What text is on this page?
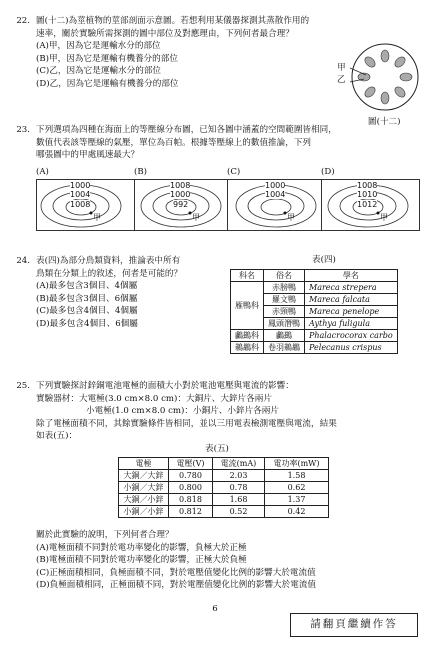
22. 圖(十二)為莖植物的莖部剖面示意圖。若想利用某儀器探測其蒸散作用的
速率，關於實驗所需探測的圖中部位及對應理由，下列何者最合理？
(A)甲，因為它是運輸水分的部位
(B)甲，因為它是運輸有機養分的部位
(C)乙，因為它是運輸水分的部位
(D)乙，因為它是運輸有機養分的部位
甲
乙
圖(十二)
23. 下列選項為四種在海面上的等壓線分布圖，已知各圖中涵蓋的空間範圍皆相同，
數值代表該等壓線的氣壓，單位為百帕。根據等壓線上的數值推論，下列
哪張圖中的甲處風速最大？
(A)	(B)	(C)	(D)
1000
1004
1008
甲
1008
1000
992
甲
1000
1004
甲
1008
1010
1012
甲
24. 表(四)為部分鳥類資料，推論表中所有
鳥類在分類上的敘述，何者是可能的？
(A)最多包含3個目、4個屬
(B)最多包含3個目、6個屬
(C)最多包含4個目、4個屬
(D)最多包含4個目、6個屬
表(四)
科名	俗名	學名
雁鴨科	赤膀鴨	Mareca strepera
	羅文鴨	Mareca falcata
	赤頸鴨	Mareca penelope
	鳳頭潛鴨	Aythya fuligula
鸕鷀科	鸕鷀	Phalacrocorax carbo
鵜鶘科	卷羽鵜鶘	Pelecanus crispus
25. 下列實驗探討鋅銅電池電極的面積大小對於電池電壓與電流的影響：
實驗器材：大電極(3.0 cm×8.0 cm)：大銅片、大鋅片各兩片
小電極(1.0 cm×8.0 cm)：小銅片、小鋅片各兩片
除了電極面積不同，其餘實驗條件皆相同，並以三用電表檢測電壓與電流，結果
如表(五)：
表(五)
電極	電壓(V)	電流(mA)	電功率(mW)
大銅／大鋅	0.780	2.03	1.58
小銅／大鋅	0.800	0.78	0.62
大銅／小鋅	0.818	1.68	1.37
小銅／小鋅	0.812	0.52	0.42
關於此實驗的說明，下列何者合理？
(A)電極面積不同對於電功率變化的影響，負極大於正極
(B)電極面積不同對於電功率變化的影響，正極大於負極
(C)正極面積相同，負極面積不同，對於電壓值變化比例的影響大於電流值
(D)負極面積相同，正極面積不同，對於電壓值變化比例的影響大於電流值
6
請翻頁繼續作答
